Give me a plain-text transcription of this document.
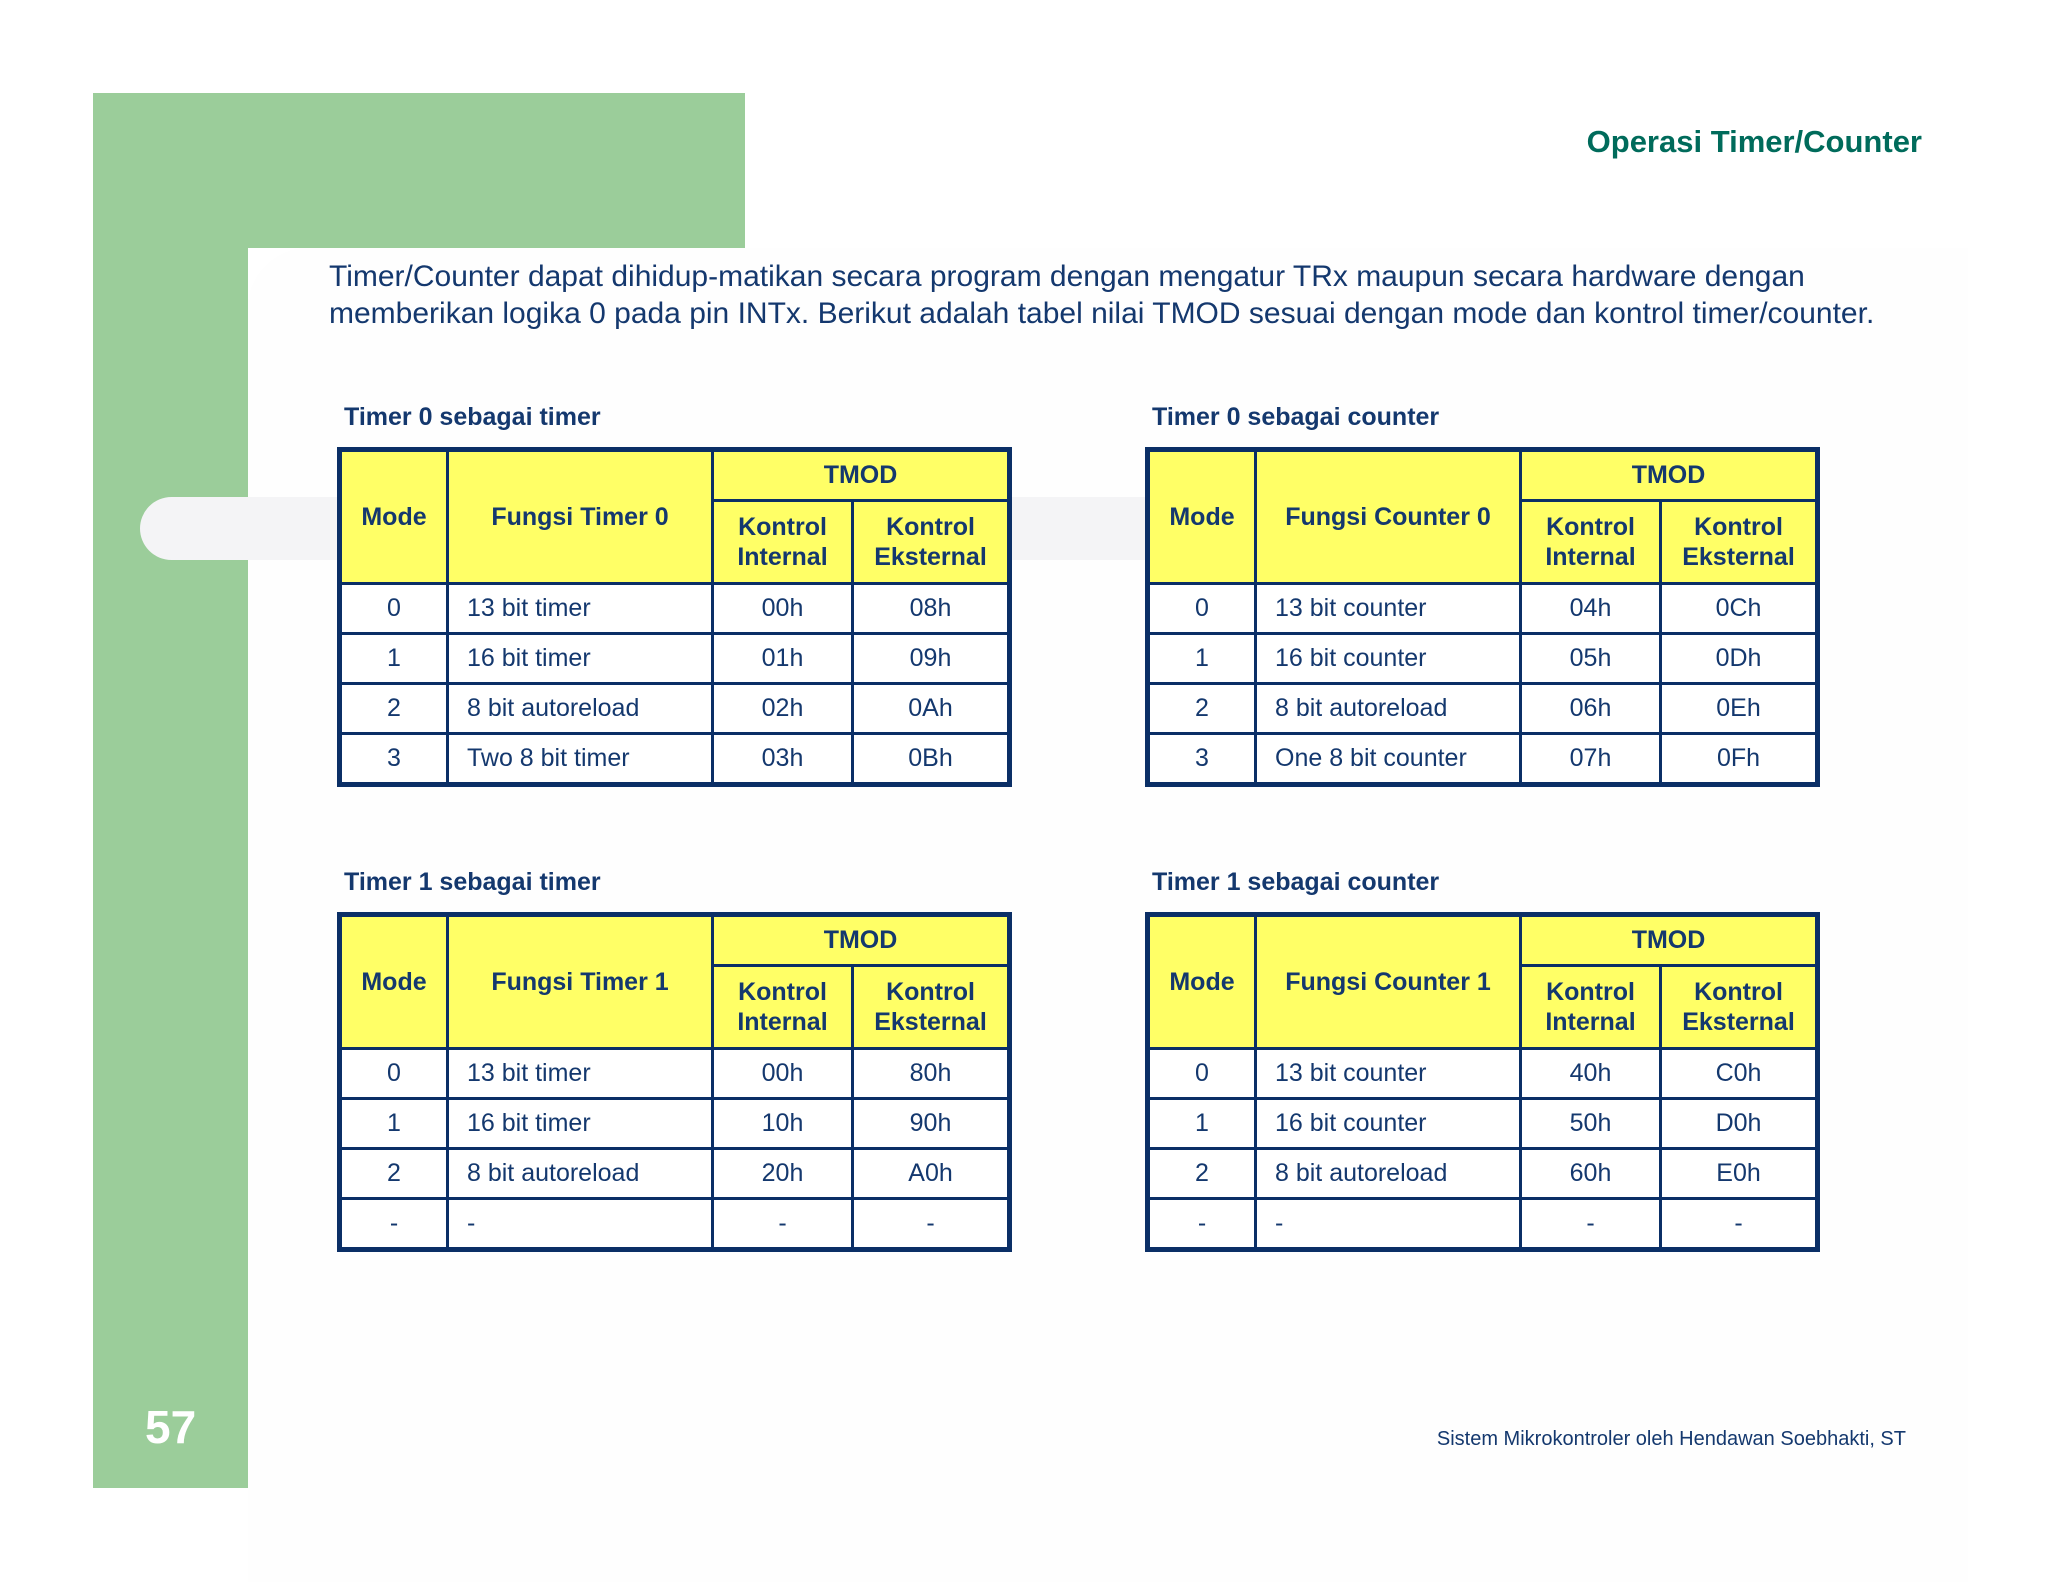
Operasi Timer/Counter
Timer/Counter dapat dihidup-matikan secara program dengan mengatur TRx maupun secara hardware dengan memberikan logika 0 pada pin INTx. Berikut adalah tabel nilai TMOD sesuai dengan mode dan kontrol timer/counter.
Timer 0 sebagai timer
Mode	Fungsi Timer 0	TMOD	
		Kontrol Internal	Kontrol Eksternal
0	13 bit timer	00h	08h
1	16 bit timer	01h	09h
2	8 bit autoreload	02h	0Ah
3	Two 8 bit timer	03h	0Bh
Timer 0 sebagai counter
Mode	Fungsi Counter 0	TMOD	
		Kontrol Internal	Kontrol Eksternal
0	13 bit counter	04h	0Ch
1	16 bit counter	05h	0Dh
2	8 bit autoreload	06h	0Eh
3	One 8 bit counter	07h	0Fh
Timer 1 sebagai timer
Mode	Fungsi Timer 1	TMOD	
		Kontrol Internal	Kontrol Eksternal
0	13 bit timer	00h	80h
1	16 bit timer	10h	90h
2	8 bit autoreload	20h	A0h
-	-	-	-
Timer 1 sebagai counter
Mode	Fungsi Counter 1	TMOD	
		Kontrol Internal	Kontrol Eksternal
0	13 bit counter	40h	C0h
1	16 bit counter	50h	D0h
2	8 bit autoreload	60h	E0h
-	-	-	-
Sistem Mikrokontroler oleh Hendawan Soebhakti, ST
57
